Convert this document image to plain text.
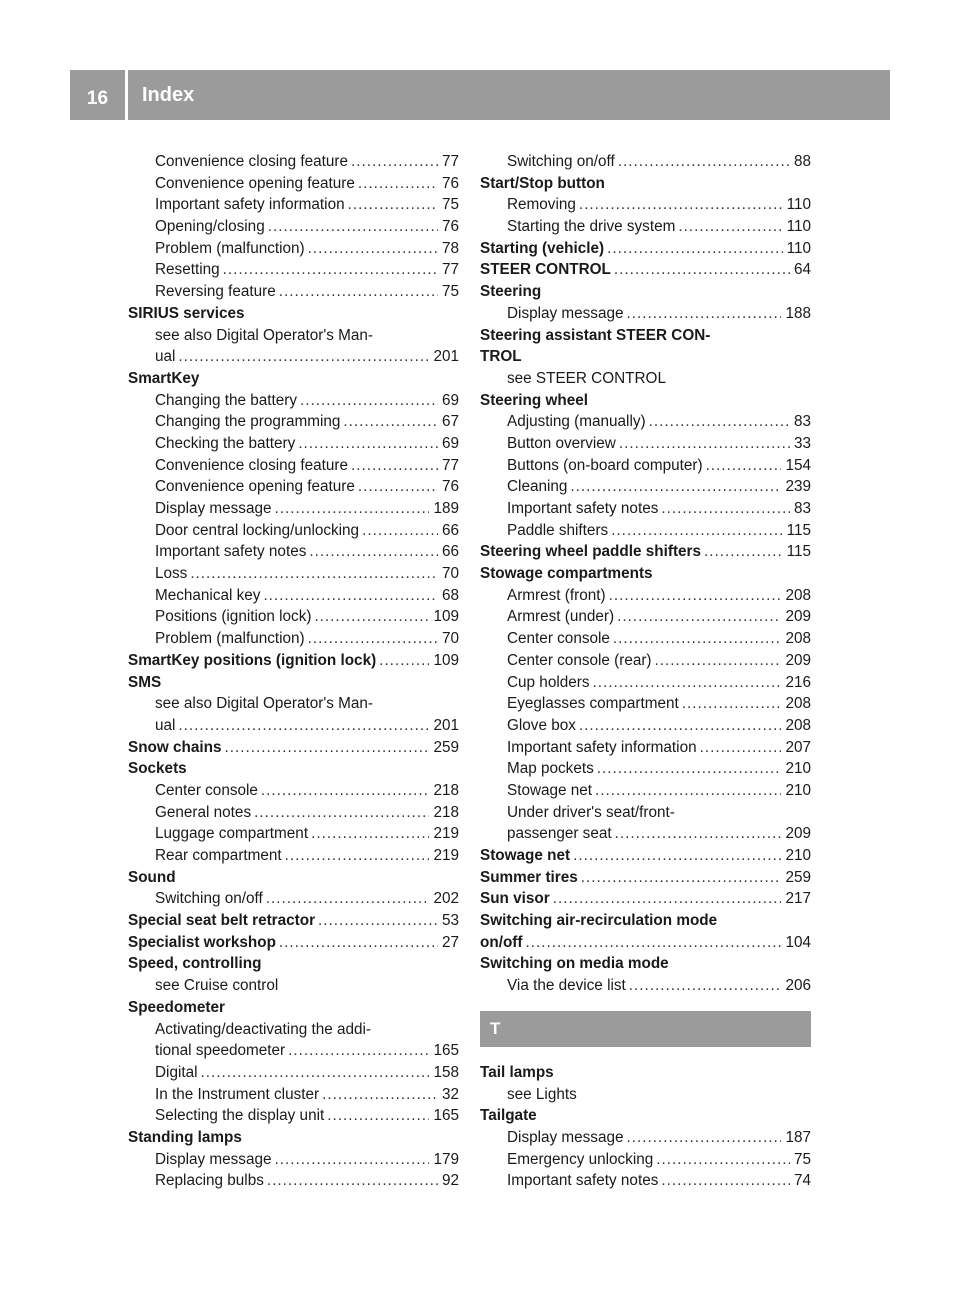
16	Index
Convenience closing feature .....	77
Convenience opening feature .....	76
Important safety information .....	75
Opening/closing .....	76
Problem (malfunction) .....	78
Resetting .....	77
Reversing feature .....	75
SIRIUS services
see also Digital Operator's Man-
ual .....	201
SmartKey
Changing the battery .....	69
Changing the programming .....	67
Checking the battery .....	69
Convenience closing feature .....	77
Convenience opening feature .....	76
Display message .....	189
Door central locking/unlocking .....	66
Important safety notes .....	66
Loss .....	70
Mechanical key .....	68
Positions (ignition lock) .....	109
Problem (malfunction) .....	70
SmartKey positions (ignition lock) .....	109
SMS
see also Digital Operator's Man-
ual .....	201
Snow chains .....	259
Sockets
Center console .....	218
General notes .....	218
Luggage compartment .....	219
Rear compartment .....	219
Sound
Switching on/off .....	202
Special seat belt retractor .....	53
Specialist workshop .....	27
Speed, controlling
see Cruise control
Speedometer
Activating/deactivating the addi-
tional speedometer .....	165
Digital .....	158
In the Instrument cluster .....	32
Selecting the display unit .....	165
Standing lamps
Display message .....	179
Replacing bulbs .....	92
Switching on/off .....	88
Start/Stop button
Removing .....	110
Starting the drive system .....	110
Starting (vehicle) .....	110
STEER CONTROL .....	64
Steering
Display message .....	188
Steering assistant STEER CON-
TROL
see STEER CONTROL
Steering wheel
Adjusting (manually) .....	83
Button overview .....	33
Buttons (on-board computer) .....	154
Cleaning .....	239
Important safety notes .....	83
Paddle shifters .....	115
Steering wheel paddle shifters .....	115
Stowage compartments
Armrest (front) .....	208
Armrest (under) .....	209
Center console .....	208
Center console (rear) .....	209
Cup holders .....	216
Eyeglasses compartment .....	208
Glove box .....	208
Important safety information .....	207
Map pockets .....	210
Stowage net .....	210
Under driver's seat/front-
passenger seat .....	209
Stowage net .....	210
Summer tires .....	259
Sun visor .....	217
Switching air-recirculation mode
on/off .....	104
Switching on media mode
Via the device list .....	206
T
Tail lamps
see Lights
Tailgate
Display message .....	187
Emergency unlocking .....	75
Important safety notes .....	74
